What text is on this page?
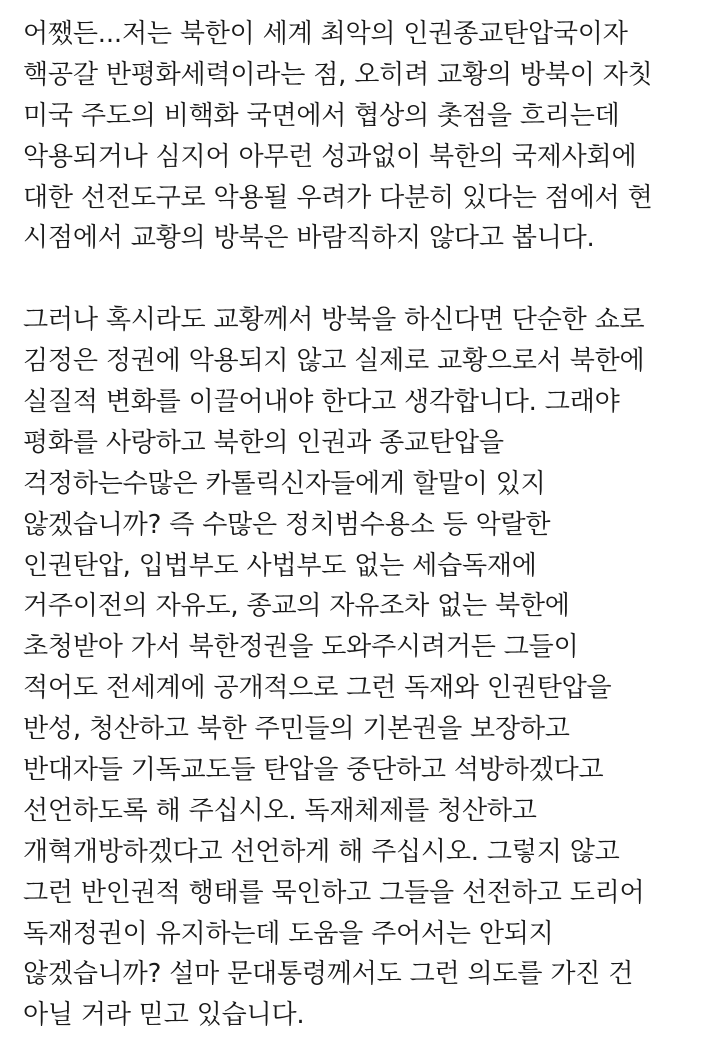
어쨌든...저는 북한이 세계 최악의 인권종교탄압국이자
핵공갈 반평화세력이라는 점, 오히려 교황의 방북이 자칫
미국 주도의 비핵화 국면에서 협상의 촛점을 흐리는데
악용되거나 심지어 아무런 성과없이 북한의 국제사회에
대한 선전도구로 악용될 우려가 다분히 있다는 점에서 현
시점에서 교황의 방북은 바람직하지 않다고 봅니다.
그러나 혹시라도 교황께서 방북을 하신다면 단순한 쇼로
김정은 정권에 악용되지 않고 실제로 교황으로서 북한에
실질적 변화를 이끌어내야 한다고 생각합니다. 그래야
평화를 사랑하고 북한의 인권과 종교탄압을
걱정하는수많은 카톨릭신자들에게 할말이 있지
않겠습니까? 즉 수많은 정치범수용소 등 악랄한
인권탄압, 입법부도 사법부도 없는 세습독재에
거주이전의 자유도, 종교의 자유조차 없는 북한에
초청받아 가서 북한정권을 도와주시려거든 그들이
적어도 전세계에 공개적으로 그런 독재와 인권탄압을
반성, 청산하고 북한 주민들의 기본권을 보장하고
반대자들 기독교도들 탄압을 중단하고 석방하겠다고
선언하도록 해 주십시오. 독재체제를 청산하고
개혁개방하겠다고 선언하게 해 주십시오. 그렇지 않고
그런 반인권적 행태를 묵인하고 그들을 선전하고 도리어
독재정권이 유지하는데 도움을 주어서는 안되지
않겠습니까? 설마 문대통령께서도 그런 의도를 가진 건
아닐 거라 믿고 있습니다.
